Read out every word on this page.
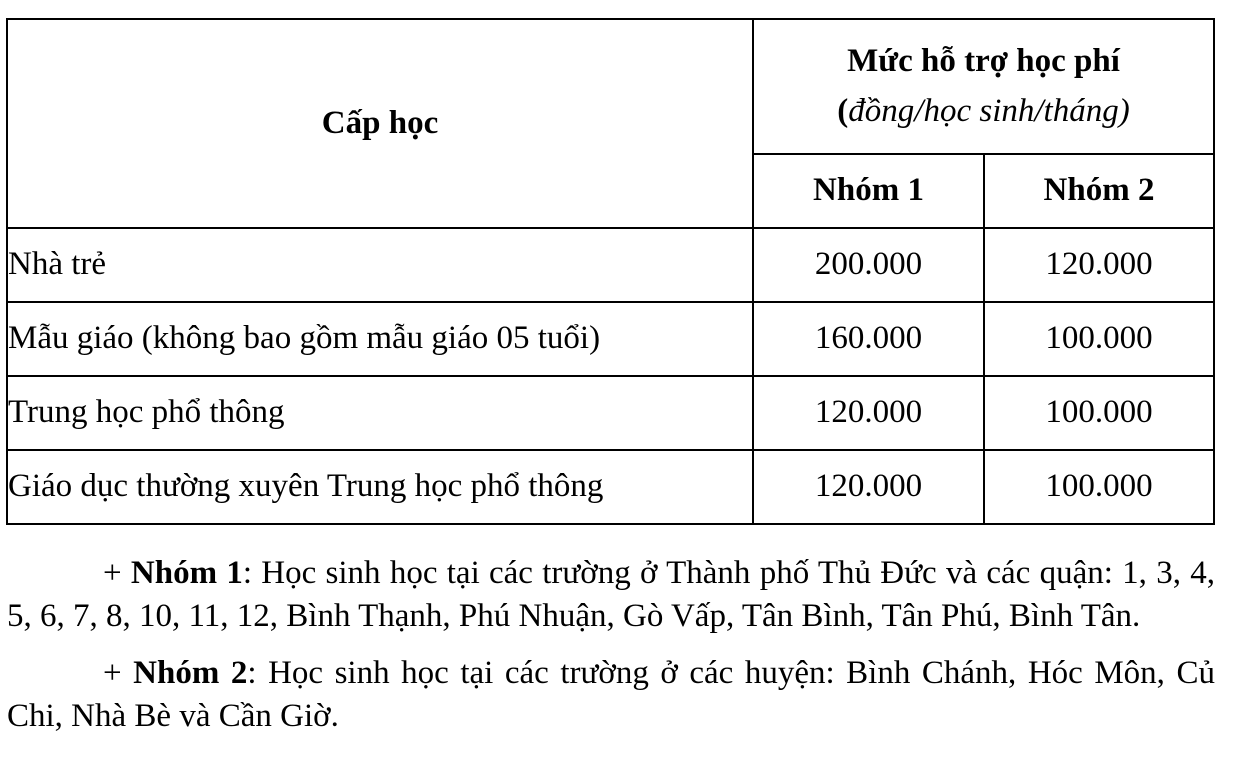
Cấp học	Mức hỗ trợ học phí
(đồng/học sinh/tháng)	

	Nhóm 1	Nhóm 2
Nhà trẻ	200.000	120.000
Mẫu giáo (không bao gồm mẫu giáo 05 tuổi)	160.000	100.000
Trung học phổ thông	120.000	100.000
Giáo dục thường xuyên Trung học phổ thông	120.000	100.000

+ Nhóm 1: Học sinh học tại các trường ở Thành phố Thủ Đức và các quận: 1, 3, 4, 5, 6, 7, 8, 10, 11, 12, Bình Thạnh, Phú Nhuận, Gò Vấp, Tân Bình, Tân Phú, Bình Tân.

+ Nhóm 2: Học sinh học tại các trường ở các huyện: Bình Chánh, Hóc Môn, Củ Chi, Nhà Bè và Cần Giờ.
